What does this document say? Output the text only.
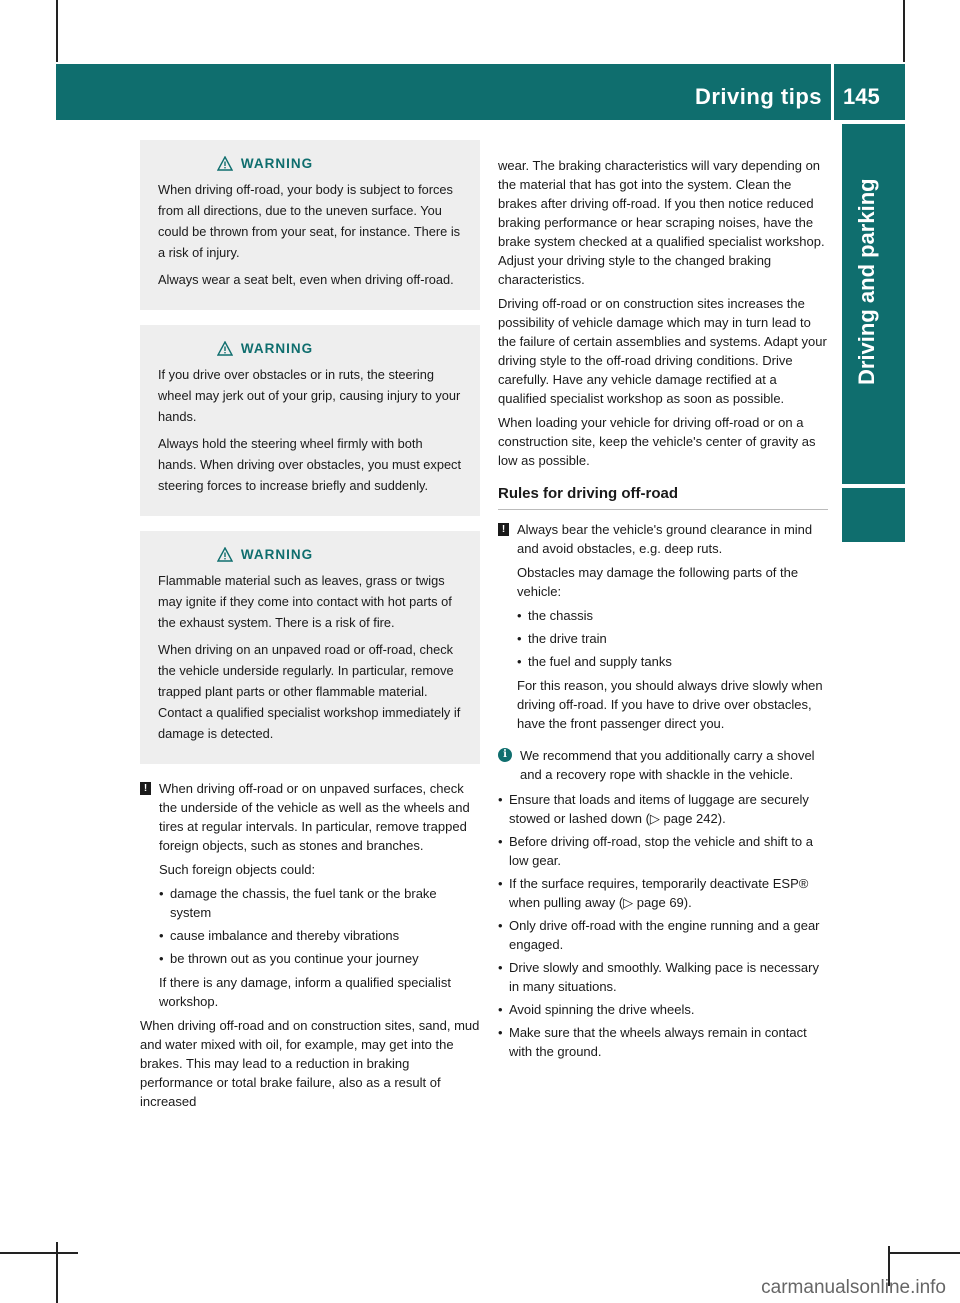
Driving tips 145
Driving and parking
WARNING

When driving off-road, your body is subject to forces from all directions, due to the uneven surface. You could be thrown from your seat, for instance. There is a risk of injury.

Always wear a seat belt, even when driving off-road.

WARNING

If you drive over obstacles or in ruts, the steering wheel may jerk out of your grip, causing injury to your hands.

Always hold the steering wheel firmly with both hands. When driving over obstacles, you must expect steering forces to increase briefly and suddenly.

WARNING

Flammable material such as leaves, grass or twigs may ignite if they come into contact with hot parts of the exhaust system. There is a risk of fire.

When driving on an unpaved road or off-road, check the vehicle underside regularly. In particular, remove trapped plant parts or other flammable material. Contact a qualified specialist workshop immediately if damage is detected.

! When driving off-road or on unpaved surfaces, check the underside of the vehicle as well as the wheels and tires at regular intervals. In particular, remove trapped foreign objects, such as stones and branches.

Such foreign objects could:

• damage the chassis, the fuel tank or the brake system
• cause imbalance and thereby vibrations
• be thrown out as you continue your journey

If there is any damage, inform a qualified specialist workshop.

When driving off-road and on construction sites, sand, mud and water mixed with oil, for example, may get into the brakes. This may lead to a reduction in braking performance or total brake failure, also as a result of increased

wear. The braking characteristics will vary depending on the material that has got into the system. Clean the brakes after driving off-road. If you then notice reduced braking performance or hear scraping noises, have the brake system checked at a qualified specialist workshop. Adjust your driving style to the changed braking characteristics.

Driving off-road or on construction sites increases the possibility of vehicle damage which may in turn lead to the failure of certain assemblies and systems. Adapt your driving style to the off-road driving conditions. Drive carefully. Have any vehicle damage rectified at a qualified specialist workshop as soon as possible.

When loading your vehicle for driving off-road or on a construction site, keep the vehicle's center of gravity as low as possible.

Rules for driving off-road
! Always bear the vehicle's ground clearance in mind and avoid obstacles, e.g. deep ruts.

Obstacles may damage the following parts of the vehicle:

• the chassis
• the drive train
• the fuel and supply tanks

For this reason, you should always drive slowly when driving off-road. If you have to drive over obstacles, have the front passenger direct you.

i	We recommend that you additionally carry a shovel and a recovery rope with shackle in the vehicle.
• Ensure that loads and items of luggage are securely stowed or lashed down (▷ page 242).
• Before driving off-road, stop the vehicle and shift to a low gear.
• If the surface requires, temporarily deactivate ESP® when pulling away (▷ page 69).
• Only drive off-road with the engine running and a gear engaged.
• Drive slowly and smoothly. Walking pace is necessary in many situations.
• Avoid spinning the drive wheels.
• Make sure that the wheels always remain in contact with the ground.
carmanualsonline.info
